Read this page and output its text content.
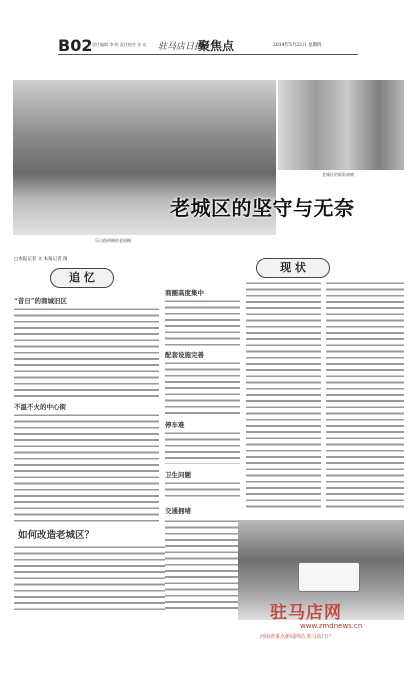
B02 责任编辑 李 明 责任校对 张 亮 驻马店日报
聚焦点	2014年5月22日 星期四
乐山路两侧的老梧桐
老城区的临街商铺
老城区的坚守与无奈
□本报记者 文 本报记者 图
追 忆
现 状
“昔日”的商城旧区
不温不火的中心街
如何改造老城区？
商圈高度集中
配套设施完善
停车难
卫生问题
交通拥堵
驻马店网
www.zmdnews.cn
河南省重点新闻网站 驻马店门户
